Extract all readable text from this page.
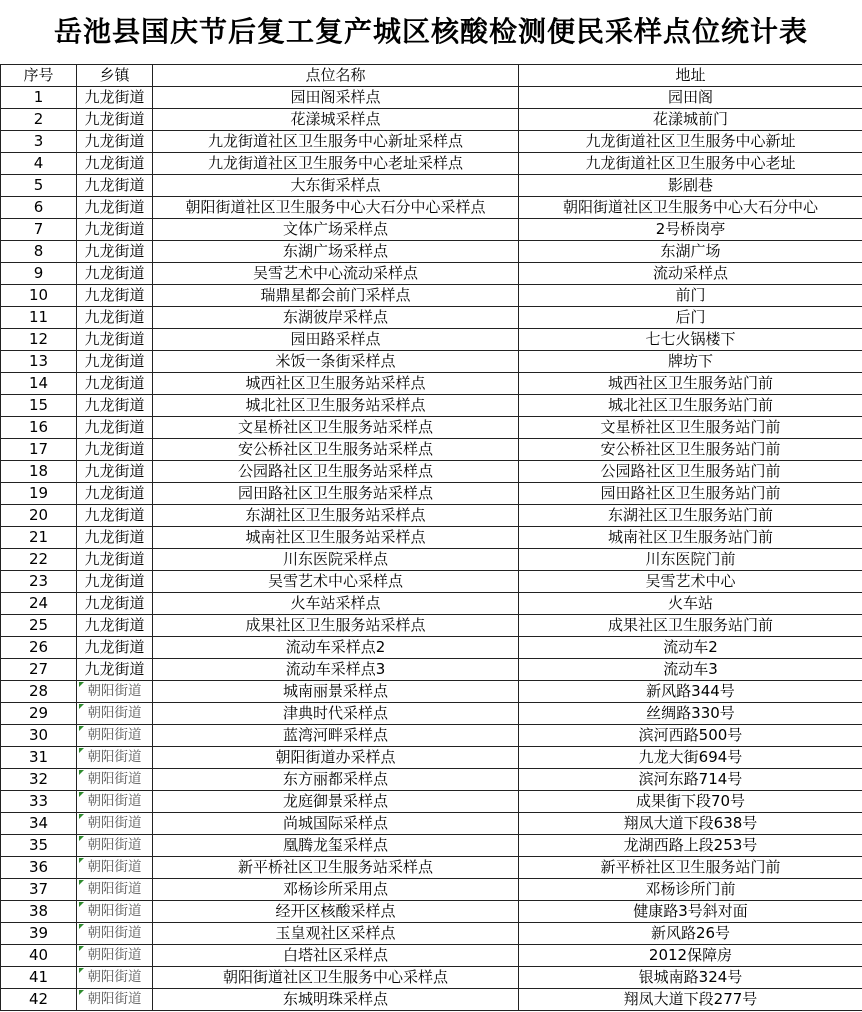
岳池县国庆节后复工复产城区核酸检测便民采样点位统计表
序号	乡镇	点位名称	地址
1	九龙街道	园田阁采样点	园田阁
2	九龙街道	花漾城采样点	花漾城前门
3	九龙街道	九龙街道社区卫生服务中心新址采样点	九龙街道社区卫生服务中心新址
4	九龙街道	九龙街道社区卫生服务中心老址采样点	九龙街道社区卫生服务中心老址
5	九龙街道	大东街采样点	影剧巷
6	九龙街道	朝阳街道社区卫生服务中心大石分中心采样点	朝阳街道社区卫生服务中心大石分中心
7	九龙街道	文体广场采样点	2号桥岗亭
8	九龙街道	东湖广场采样点	东湖广场
9	九龙街道	吴雪艺术中心流动采样点	流动采样点
10	九龙街道	瑞鼎星都会前门采样点	前门
11	九龙街道	东湖彼岸采样点	后门
12	九龙街道	园田路采样点	七七火锅楼下
13	九龙街道	米饭一条街采样点	牌坊下
14	九龙街道	城西社区卫生服务站采样点	城西社区卫生服务站门前
15	九龙街道	城北社区卫生服务站采样点	城北社区卫生服务站门前
16	九龙街道	文星桥社区卫生服务站采样点	文星桥社区卫生服务站门前
17	九龙街道	安公桥社区卫生服务站采样点	安公桥社区卫生服务站门前
18	九龙街道	公园路社区卫生服务站采样点	公园路社区卫生服务站门前
19	九龙街道	园田路社区卫生服务站采样点	园田路社区卫生服务站门前
20	九龙街道	东湖社区卫生服务站采样点	东湖社区卫生服务站门前
21	九龙街道	城南社区卫生服务站采样点	城南社区卫生服务站门前
22	九龙街道	川东医院采样点	川东医院门前
23	九龙街道	吴雪艺术中心采样点	吴雪艺术中心
24	九龙街道	火车站采样点	火车站
25	九龙街道	成果社区卫生服务站采样点	成果社区卫生服务站门前
26	九龙街道	流动车采样点2	流动车2
27	九龙街道	流动车采样点3	流动车3
28	朝阳街道	城南丽景采样点	新风路344号
29	朝阳街道	津典时代采样点	丝绸路330号
30	朝阳街道	蓝湾河畔采样点	滨河西路500号
31	朝阳街道	朝阳街道办采样点	九龙大街694号
32	朝阳街道	东方丽都采样点	滨河东路714号
33	朝阳街道	龙庭御景采样点	成果街下段70号
34	朝阳街道	尚城国际采样点	翔凤大道下段638号
35	朝阳街道	凰腾龙玺采样点	龙湖西路上段253号
36	朝阳街道	新平桥社区卫生服务站采样点	新平桥社区卫生服务站门前
37	朝阳街道	邓杨诊所采用点	邓杨诊所门前
38	朝阳街道	经开区核酸采样点	健康路3号斜对面
39	朝阳街道	玉皇观社区采样点	新风路26号
40	朝阳街道	白塔社区采样点	2012保障房
41	朝阳街道	朝阳街道社区卫生服务中心采样点	银城南路324号
42	朝阳街道	东城明珠采样点	翔凤大道下段277号
